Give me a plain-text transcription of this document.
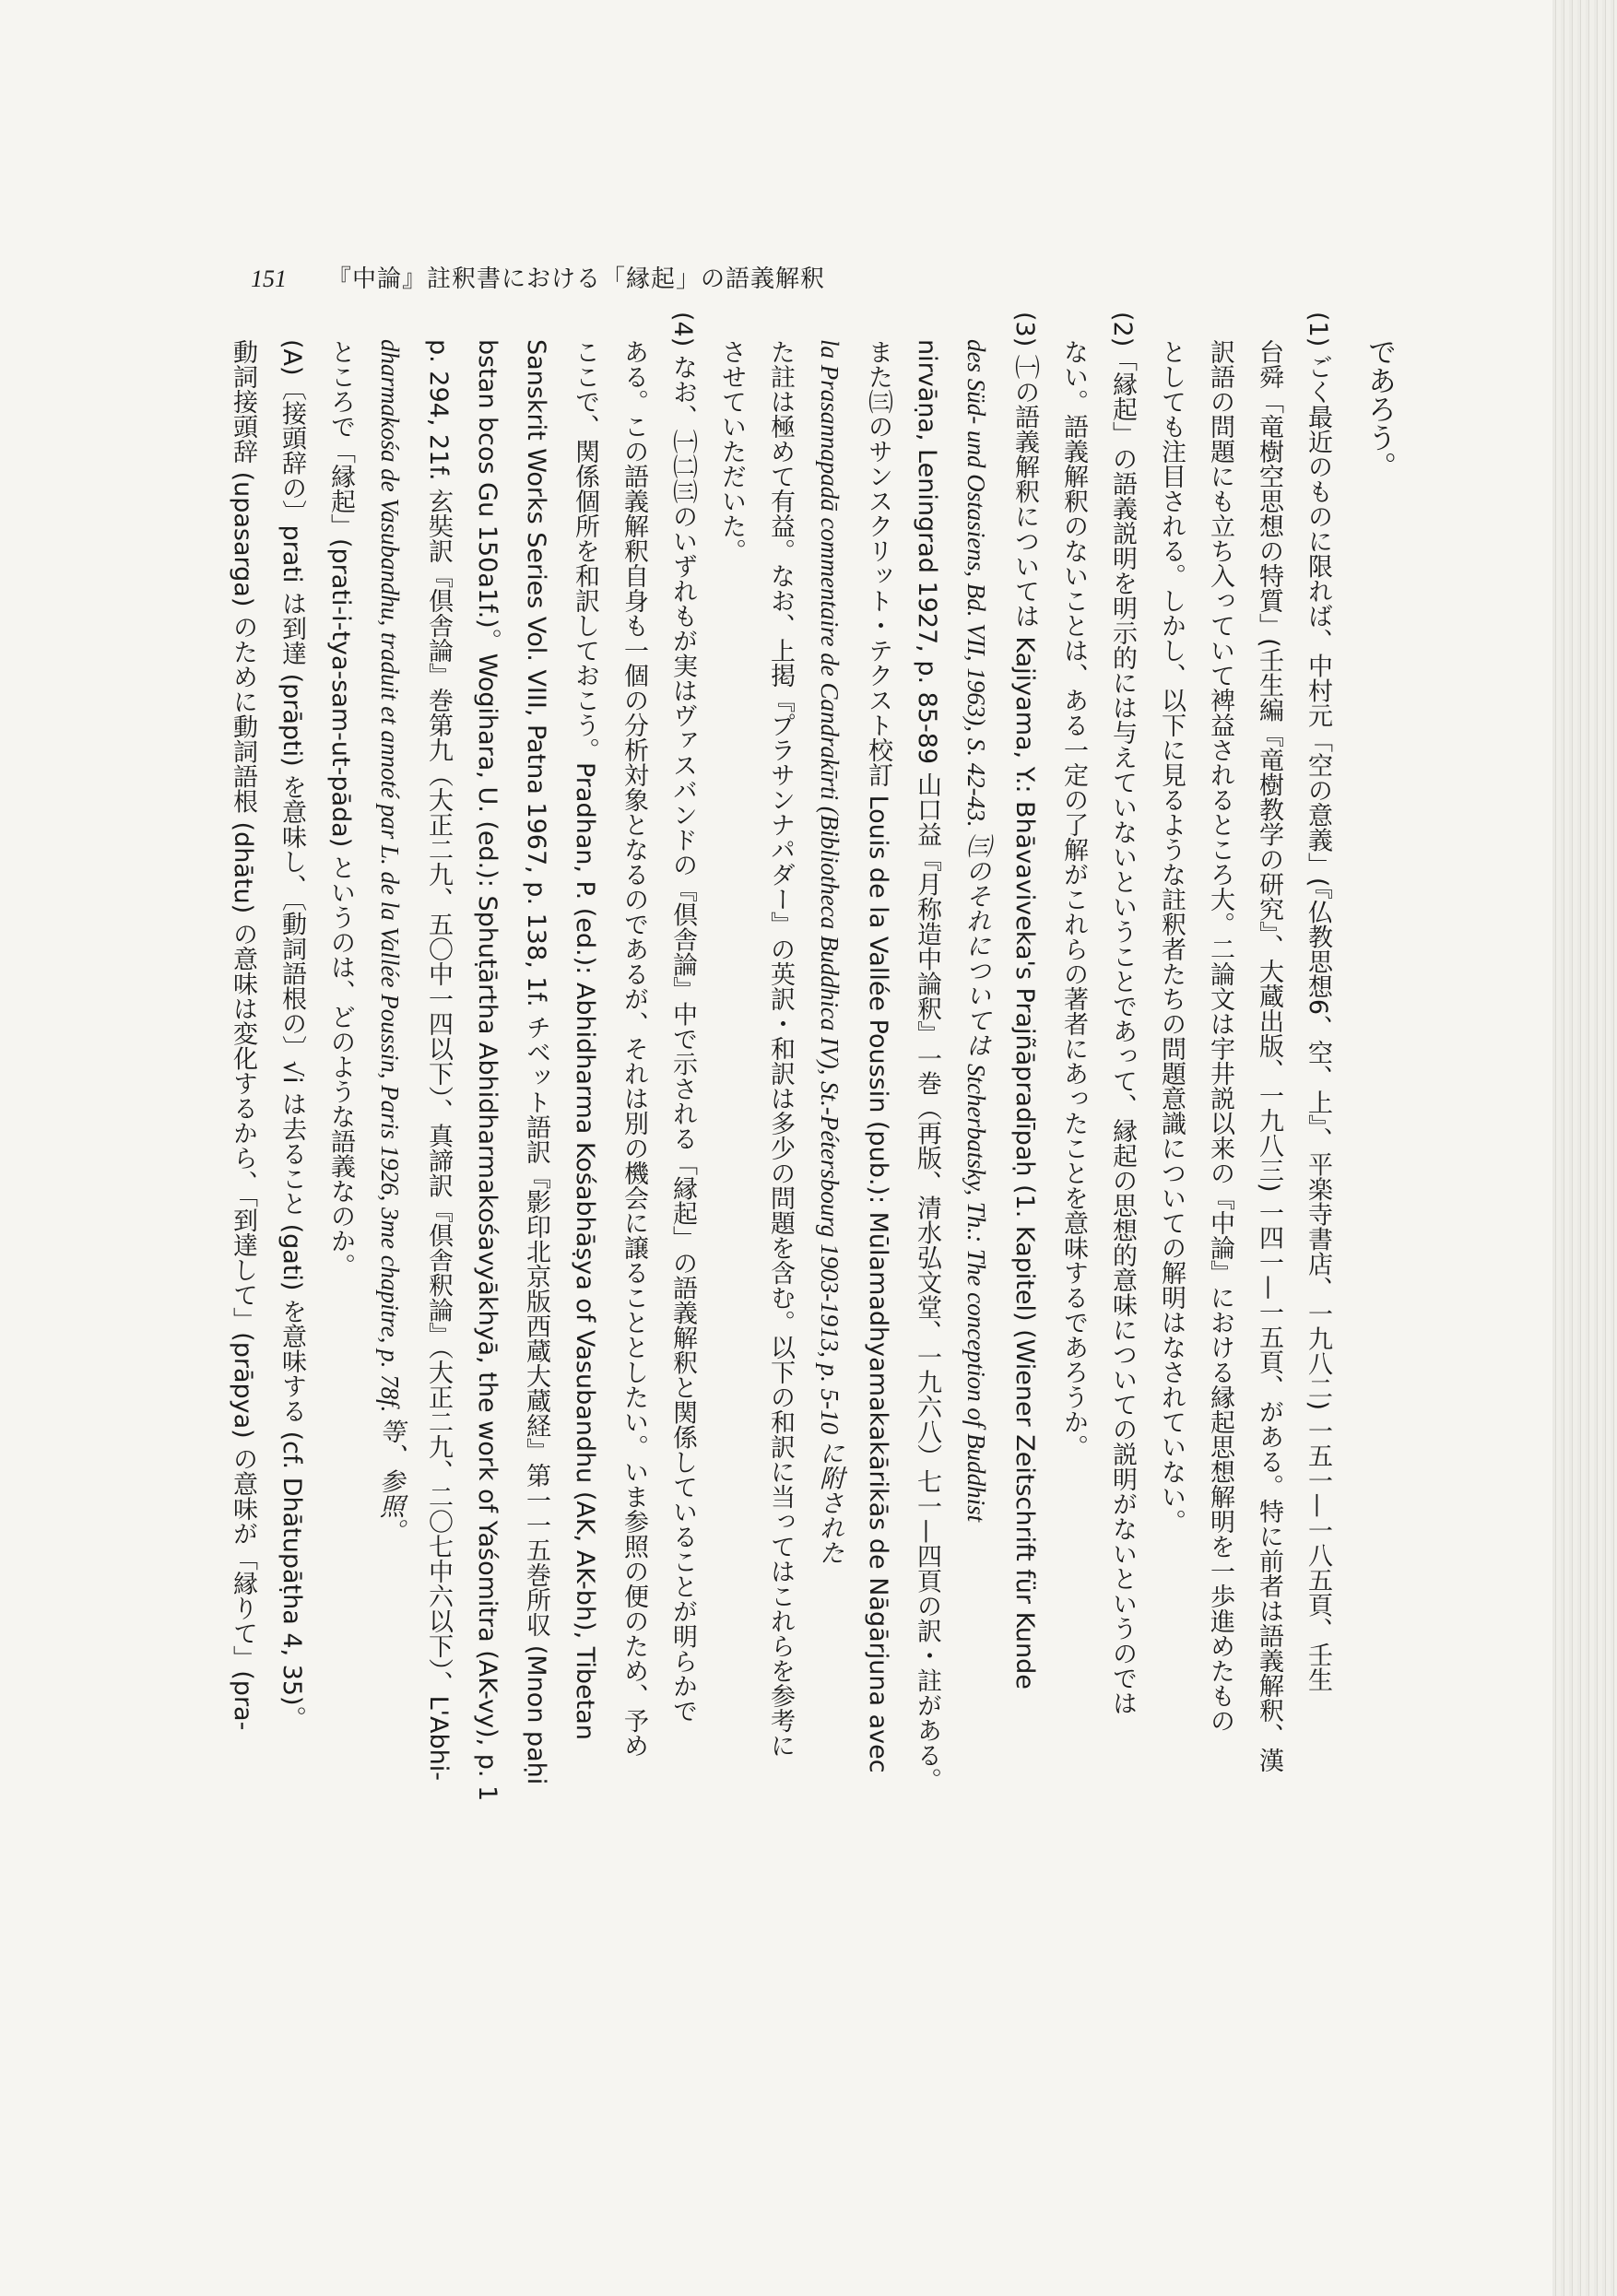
151 『中論』註釈書における「縁起」の語義解釈
であろう。
(1) ごく最近のものに限れば、中村元「空の意義」(『仏教思想6、空、上』、平楽寺書店、一九八二) 一五一—一八五頁、壬生
台舜「竜樹空思想の特質」(壬生編『竜樹教学の研究』、大蔵出版、一九八三) 一四一—一五頁、がある。特に前者は語義解釈、漢
訳語の問題にも立ち入っていて裨益されるところ大。二論文は宇井説以来の『中論』における縁起思想解明を一歩進めたもの
としても注目される。しかし、以下に見るような註釈者たちの問題意識についての解明はなされていない。
(2)「縁起」の語義説明を明示的には与えていないということであって、縁起の思想的意味についての説明がないというのでは
ない。語義解釈のないことは、ある一定の了解がこれらの著者にあったことを意味するであろうか。
(3) ㈠の語義解釈については Kajiyama, Y.: Bhāvaviveka's Prajñāpradīpaḥ (1. Kapitel) (Wiener Zeitschrift für Kunde
des Süd- und Ostasiens, Bd. VII, 1963), S. 42-43. ㈢のそれについては Stcherbatsky, Th.: The conception of Buddhist
nirvāṇa, Leningrad 1927, p. 85-89 山口益『月称造中論釈』一巻（再版、清水弘文堂、一九六八）七一—四頁の訳・註がある。
また㈢のサンスクリット・テクスト校訂 Louis de la Vallée Poussin (pub.): Mūlamadhyamakakārikās de Nāgārjuna avec
la Prasannapadā commentaire de Candrakīrti (Bibliotheca Buddhica IV), St.-Pétersbourg 1903-1913, p. 5-10 に附された
た註は極めて有益。なお、上掲『プラサンナパダー』の英訳・和訳は多少の問題を含む。以下の和訳に当ってはこれらを参考に
させていただいた。
(4) なお、㈠㈡㈢のいずれもが実はヴァスバンドの『倶舎論』中で示される「縁起」の語義解釈と関係していることが明らかで
ある。この語義解釈自身も一個の分析対象となるのであるが、それは別の機会に譲ることとしたい。いま参照の便のため、予め
ここで、関係個所を和訳しておこう。Pradhan, P. (ed.): Abhidharma Kośabhāṣya of Vasubandhu (AK, AK-bh), Tibetan
Sanskrit Works Series Vol. VIII, Patna 1967, p. 138, 1f. チベット語訳『影印北京版西蔵大蔵経』第一一五巻所収 (Mnon paḥi
bstan bcos Gu 150a1f.)。Wogihara, U. (ed.): Sphuṭārtha Abhidharmakośavyākhyā, the work of Yaśomitra (AK-vy), p. 1
p. 294, 21f. 玄奘訳『倶舎論』巻第九（大正二九、五〇中一四以下）、真諦訳『倶舎釈論』（大正二九、二〇七中六以下）、L'Abhi-
dharmakośa de Vasubandhu, traduit et annoté par L. de la Vallée Poussin, Paris 1926, 3me chapitre, p. 78f. 等、参照。
ところで「縁起」(prati-i-tya-sam-ut-pāda) というのは、どのような語義なのか。
(A)〔接頭辞の〕prati は到達 (prāpti) を意味し、〔動詞語根の〕√i は去ること (gati) を意味する (cf. Dhātupāṭha 4, 35)。
動詞接頭辞 (upasarga) のために動詞語根 (dhātu) の意味は変化するから、「到達して」(prāpya) の意味が「縁りて」(pra-
